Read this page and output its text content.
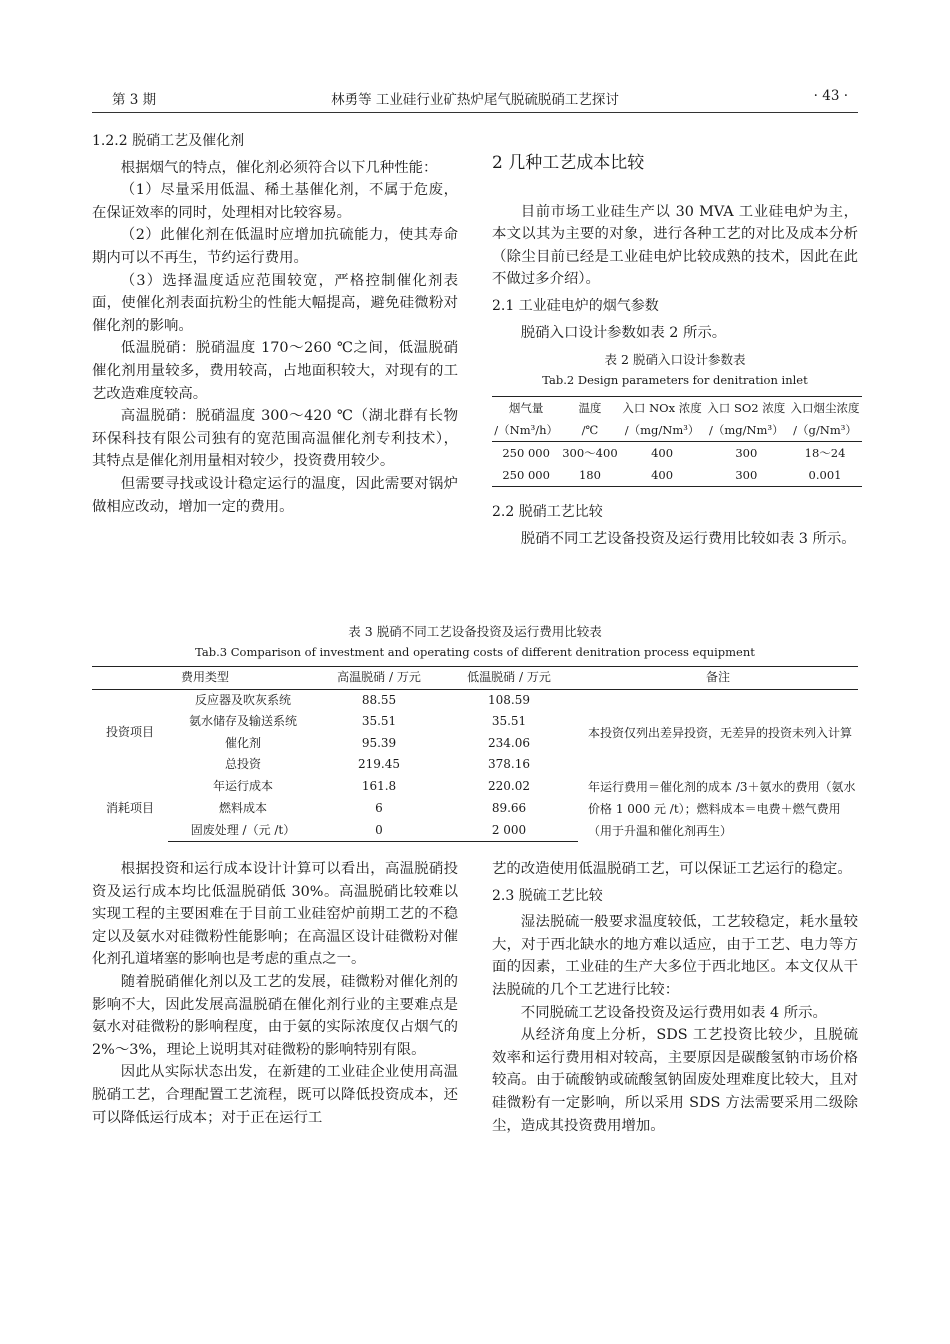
第 3 期	林勇等 工业硅行业矿热炉尾气脱硫脱硝工艺探讨	· 43 ·

1.2.2 脱硝工艺及催化剂

根据烟气的特点，催化剂必须符合以下几种性能：

（1）尽量采用低温、稀土基催化剂，不属于危废，在保证效率的同时，处理相对比较容易。

（2）此催化剂在低温时应增加抗硫能力，使其寿命期内可以不再生，节约运行费用。

（3）选择温度适应范围较宽，严格控制催化剂表面，使催化剂表面抗粉尘的性能大幅提高，避免硅微粉对催化剂的影响。

低温脱硝：脱硝温度 170～260 ℃之间，低温脱硝催化剂用量较多，费用较高，占地面积较大，对现有的工艺改造难度较高。

高温脱硝：脱硝温度 300～420 ℃（湖北群有长物环保科技有限公司独有的宽范围高温催化剂专利技术），其特点是催化剂用量相对较少，投资费用较少。

但需要寻找或设计稳定运行的温度，因此需要对锅炉做相应改动，增加一定的费用。

2 几种工艺成本比较

目前市场工业硅生产以 30 MVA 工业硅电炉为主，本文以其为主要的对象，进行各种工艺的对比及成本分析（除尘目前已经是工业硅电炉比较成熟的技术，因此在此不做过多介绍）。

2.1 工业硅电炉的烟气参数

脱硝入口设计参数如表 2 所示。

表 2 脱硝入口设计参数表
Tab.2 Design parameters for denitration inlet
烟气量	温度	入口 NOx 浓度	入口 SO2 浓度	入口烟尘浓度
/（Nm³/h）	/℃	/（mg/Nm³）	/（mg/Nm³）	/（g/Nm³）
250 000	300～400	400	300	18～24
250 000	180	400	300	0.001

2.2 脱硝工艺比较

脱硝不同工艺设备投资及运行费用比较如表 3 所示。

表 3 脱硝不同工艺设备投资及运行费用比较表
Tab.3 Comparison of investment and operating costs of different denitration process equipment
费用类型		高温脱硝 / 万元	低温脱硝 / 万元	备注
投资项目	反应器及吹灰系统	88.55	108.59	本投资仅列出差异投资，无差异的投资未列入计算
	氨水储存及输送系统	35.51	35.51	
	催化剂	95.39	234.06	
	总投资	219.45	378.16	
消耗项目	年运行成本	161.8	220.02	年运行费用＝催化剂的成本 /3＋氨水的费用（氨水价格 1 000 元 /t）；燃料成本＝电费＋燃气费用（用于升温和催化剂再生）
	燃料成本	6	89.66	
	固废处理 /（元 /t）	0	2 000	

根据投资和运行成本设计计算可以看出，高温脱硝投资及运行成本均比低温脱硝低 30%。高温脱硝比较难以实现工程的主要困难在于目前工业硅窑炉前期工艺的不稳定以及氨水对硅微粉性能影响；在高温区设计硅微粉对催化剂孔道堵塞的影响也是考虑的重点之一。

随着脱硝催化剂以及工艺的发展，硅微粉对催化剂的影响不大，因此发展高温脱硝在催化剂行业的主要难点是氨水对硅微粉的影响程度，由于氨的实际浓度仅占烟气的 2%～3%，理论上说明其对硅微粉的影响特别有限。

因此从实际状态出发，在新建的工业硅企业使用高温脱硝工艺，合理配置工艺流程，既可以降低投资成本，还可以降低运行成本；对于正在运行工

艺的改造使用低温脱硝工艺，可以保证工艺运行的稳定。

2.3 脱硫工艺比较

湿法脱硫一般要求温度较低，工艺较稳定，耗水量较大，对于西北缺水的地方难以适应，由于工艺、电力等方面的因素，工业硅的生产大多位于西北地区。本文仅从干法脱硫的几个工艺进行比较：

不同脱硫工艺设备投资及运行费用如表 4 所示。

从经济角度上分析，SDS 工艺投资比较少，且脱硫效率和运行费用相对较高，主要原因是碳酸氢钠市场价格较高。由于硫酸钠或硫酸氢钠固废处理难度比较大，且对硅微粉有一定影响，所以采用 SDS 方法需要采用二级除尘，造成其投资费用增加。
